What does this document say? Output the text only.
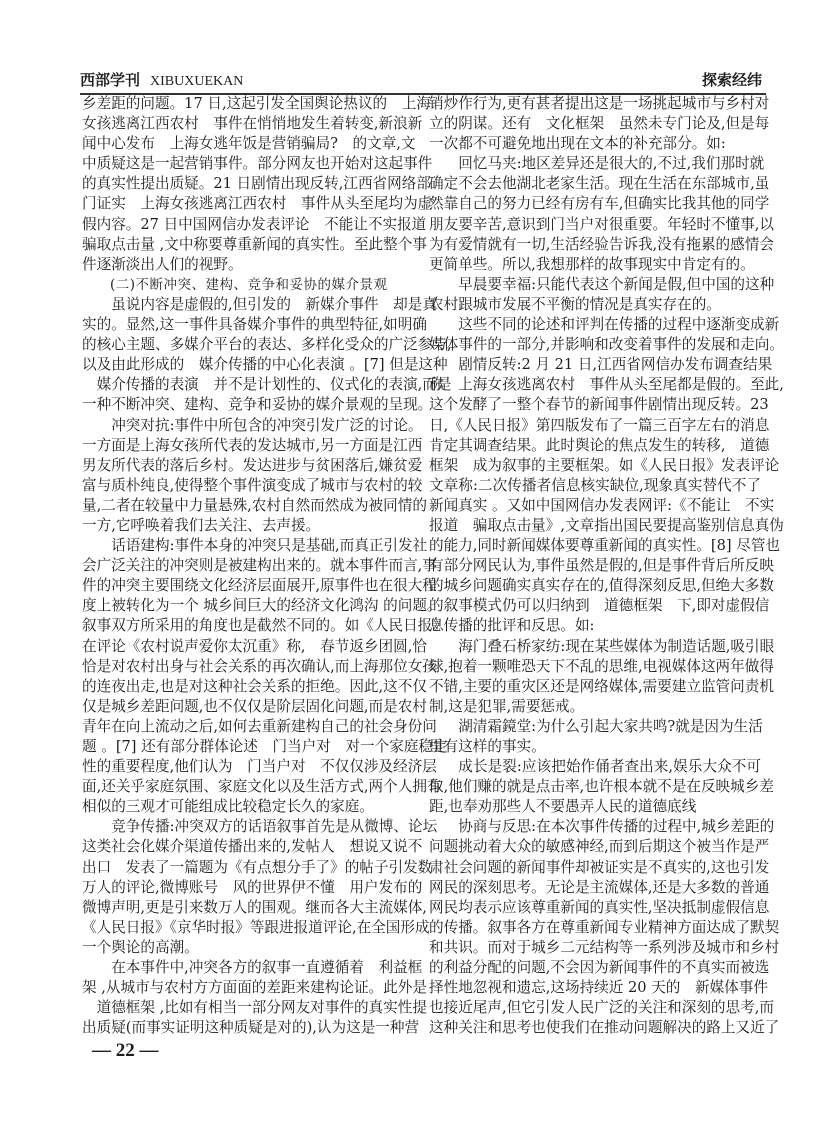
西部学刊 XIBUXUEKAN	探索经纬
乡差距的问题。17 日,这起引发全国舆论热议的　上海
女孩逃离江西农村　事件在悄悄地发生着转变,新浪新
闻中心发布　上海女逃年饭是营销骗局?　的文章,文
中质疑这是一起营销事件。部分网友也开始对这起事件
的真实性提出质疑。21 日剧情出现反转,江西省网络部
门证实　上海女孩逃离江西农村　事件从头至尾均为虚
假内容。27 日中国网信办发表评论　不能让不实报道
骗取点击量 ,文中称要尊重新闻的真实性。至此整个事
件逐渐淡出人们的视野。
　　(二)不断冲突、建构、竞争和妥协的媒介景观
　　虽说内容是虚假的,但引发的　新媒介事件　却是真
实的。显然,这一事件具备媒介事件的典型特征,如明确
的核心主题、多媒介平台的表达、多样化受众的广泛参与,
以及由此形成的　媒介传播的中心化表演 。[7] 但是这种
　媒介传播的表演　并不是计划性的、仪式化的表演,而是
一种不断冲突、建构、竞争和妥协的媒介景观的呈现。
　　冲突对抗:事件中所包含的冲突引发广泛的讨论。
一方面是上海女孩所代表的发达城市,另一方面是江西
男友所代表的落后乡村。发达进步与贫困落后,嫌贫爱
富与质朴纯良,使得整个事件演变成了城市与农村的较
量,二者在较量中力量悬殊,农村自然而然成为被同情的
一方,它呼唤着我们去关注、去声援。
　　话语建构:事件本身的冲突只是基础,而真正引发社
会广泛关注的冲突则是被建构出来的。就本事件而言,事
件的冲突主要围绕文化经济层面展开,原事件也在很大程
度上被转化为一个 城乡间巨大的经济文化鸿沟 的问题。
叙事双方所采用的角度也是截然不同的。如《人民日报》
在评论《农村说声爱你太沉重》称,　春节返乡团圆,恰
恰是对农村出身与社会关系的再次确认,而上海那位女孩
的连夜出走,也是对这种社会关系的拒绝。因此,这不仅
仅是城乡差距问题,也不仅仅是阶层固化问题,而是农村
青年在向上流动之后,如何去重新建构自己的社会身份问
题 。[7] 还有部分群体论述　门当户对　对一个家庭稳定
性的重要程度,他们认为　门当户对　不仅仅涉及经济层
面,还关乎家庭氛围、家庭文化以及生活方式,两个人拥有
相似的三观才可能组成比较稳定长久的家庭。
　　竞争传播:冲突双方的话语叙事首先是从微博、论坛
这类社会化媒介渠道传播出来的,发帖人　想说又说不
出口　发表了一篇题为《有点想分手了》的帖子引发数
万人的评论,微博账号　风的世界伊不懂　用户发布的
微博声明,更是引来数万人的围观。继而各大主流媒体,
《人民日报》《京华时报》等跟进报道评论,在全国形成
一个舆论的高潮。
　　在本事件中,冲突各方的叙事一直遵循着　利益框
架 ,从城市与农村方方面面的差距来建构论证。此外是
　道德框架 ,比如有相当一部分网友对事件的真实性提
出质疑(而事实证明这种质疑是对的),认为这是一种营
销炒作行为,更有甚者提出这是一场挑起城市与乡村对
立的阴谋。还有　文化框架　虽然未专门论及,但是每
一次都不可避免地出现在文本的补充部分。如:
　　回忆马夹:地区差异还是很大的,不过,我们那时就
确定不会去他湖北老家生活。现在生活在东部城市,虽
然靠自己的努力已经有房有车,但确实比我其他的同学
朋友要辛苦,意识到门当户对很重要。年轻时不懂事,以
为有爱情就有一切,生活经验告诉我,没有拖累的感情会
更简单些。所以,我想那样的故事现实中肯定有的。
　　早晨要幸福:只能代表这个新闻是假,但中国的这种
农村跟城市发展不平衡的情况是真实存在的。
　　这些不同的论述和评判在传播的过程中逐渐变成新
媒体事件的一部分,并影响和改变着事件的发展和走向。
　　剧情反转:2 月 21 日,江西省网信办发布调查结果
称　上海女孩逃离农村　事件从头至尾都是假的。至此,
这个发酵了一整个春节的新闻事件剧情出现反转。23
日,《人民日报》第四版发布了一篇三百字左右的消息
肯定其调查结果。此时舆论的焦点发生的转移,　道德
框架　成为叙事的主要框架。如《人民日报》发表评论
文章称:二次传播者信息核实缺位,现象真实替代不了
新闻真实 。又如中国网信办发表网评:《不能让　不实
报道　骗取点击量》,文章指出国民要提高鉴别信息真伪
的能力,同时新闻媒体要尊重新闻的真实性。[8] 尽管也
有部分网民认为,事件虽然是假的,但是事件背后所反映
的城乡问题确实真实存在的,值得深刻反思,但绝大多数
的叙事模式仍可以归纳到　道德框架　下,即对虚假信
息传播的批评和反思。如:
　　海门叠石桥家纺:现在某些媒体为制造话题,吸引眼
球,抱着一颗唯恐天下不乱的思维,电视媒体这两年做得
不错,主要的重灾区还是网络媒体,需要建立监管问责机
制,这是犯罪,需要惩戒。
　　湖清霜鏡堂:为什么引起大家共鸣?就是因为生活
里有这样的事实。
　　成长是裂:应该把始作俑者查出来,娱乐大众不可
取,他们赚的就是点击率,也许根本就不是在反映城乡差
距,也奉劝那些人不要愚弄人民的道德底线
　　协商与反思:在本次事件传播的过程中,城乡差距的
问题挑动着大众的敏感神经,而到后期这个被当作是严
肃社会问题的新闻事件却被证实是不真实的,这也引发
网民的深刻思考。无论是主流媒体,还是大多数的普通
网民均表示应该尊重新闻的真实性,坚决抵制虚假信息
的传播。叙事各方在尊重新闻专业精神方面达成了默契
和共识。而对于城乡二元结构等一系列涉及城市和乡村
的利益分配的问题,不会因为新闻事件的不真实而被选
择性地忽视和遗忘,这场持续近 20 天的　新媒体事件
也接近尾声,但它引发人民广泛的关注和深刻的思考,而
这种关注和思考也使我们在推动问题解决的路上又近了
— 22 —
